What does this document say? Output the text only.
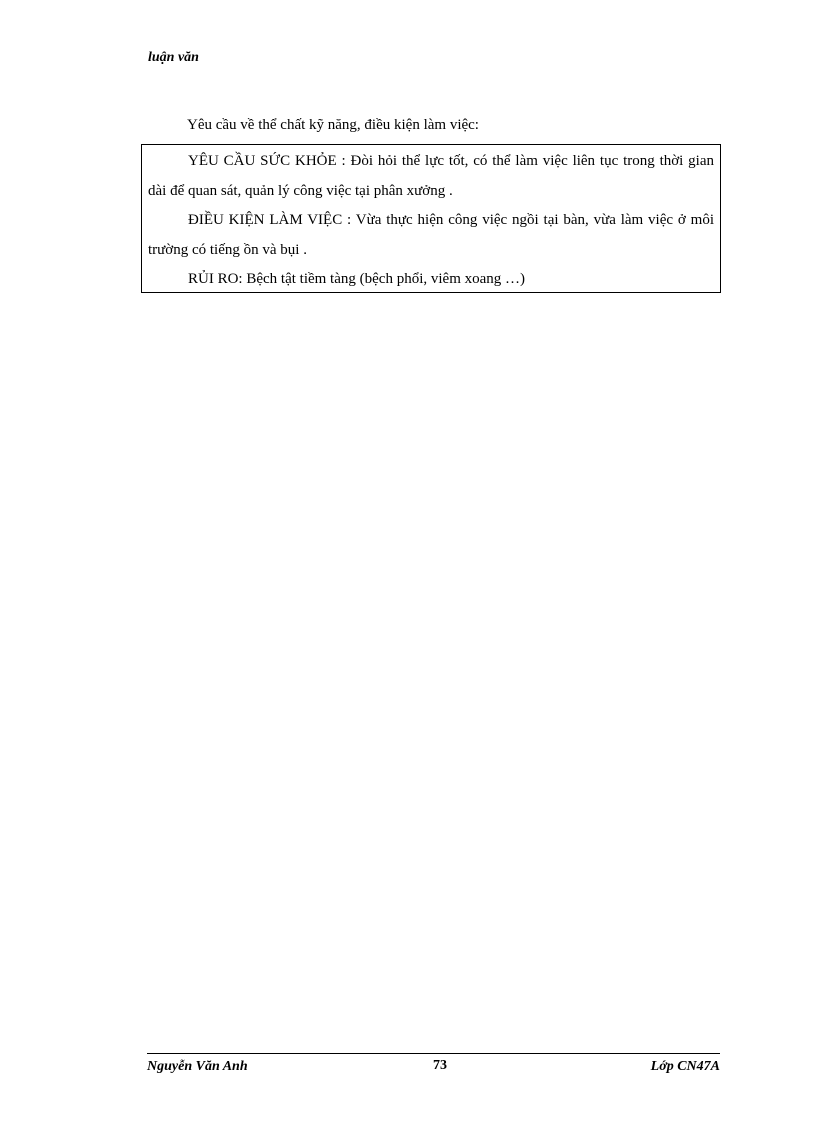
luận văn
Yêu cầu về thể chất kỹ năng, điều kiện làm việc:

YÊU CẦU SỨC KHỎE : Đòi hỏi thể lực tốt, có thể làm việc liên tục trong thời gian dài để quan sát, quản lý công việc tại phân xưởng .

ĐIỀU KIỆN LÀM VIỆC : Vừa thực hiện công việc ngồi tại bàn, vừa làm việc ở môi trường có tiếng ồn và bụi .

RỦI RO: Bệch tật tiềm tàng (bệch phổi, viêm xoang …)

Nguyễn Văn Anh	73	Lớp CN47A
